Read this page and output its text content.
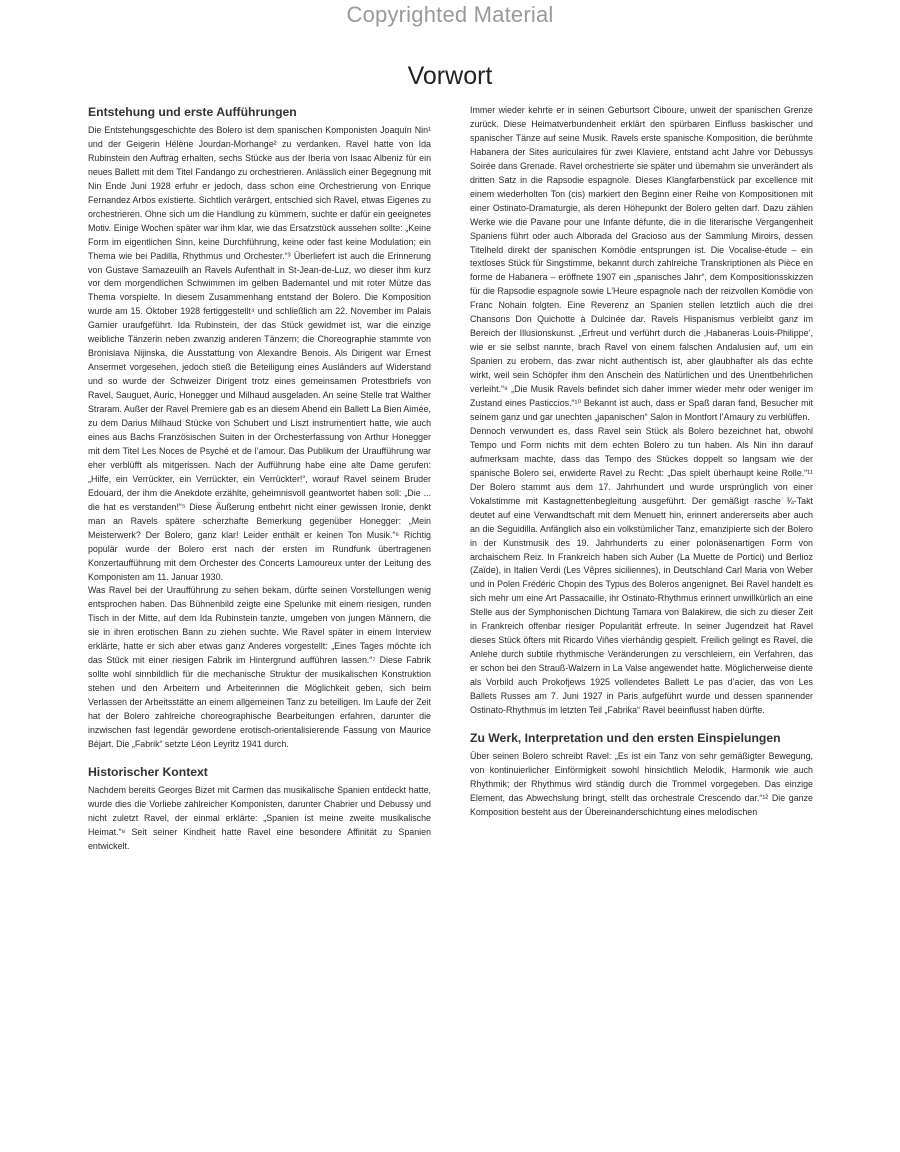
Copyrighted Material
Vorwort
Entstehung und erste Aufführungen

Die Entstehungsgeschichte des Bolero ist dem spanischen Komponisten Joaquín Nin¹ und der Geigerin Hélène Jourdan-Morhange² zu verdanken. Ravel hatte von Ida Rubinstein den Auftrag erhalten, sechs Stücke aus der Iberia von Isaac Albeniz für ein neues Ballett mit dem Titel Fandango zu orchestrieren. Anlässlich einer Begegnung mit Nin Ende Juni 1928 erfuhr er jedoch, dass schon eine Orchestrierung von Enrique Fernandez Arbos existierte. Sichtlich verärgert, entschied sich Ravel, etwas Eigenes zu orchestrieren. Ohne sich um die Handlung zu kümmern, suchte er dafür ein geeignetes Motiv. Einige Wochen später war ihm klar, wie das Ersatzstück aussehen sollte: „Keine Form im eigentlichen Sinn, keine Durchführung, keine oder fast keine Modulation; ein Thema wie bei Padilla, Rhythmus und Orchester.“³ Überliefert ist auch die Erinnerung von Gustave Samazeuilh an Ravels Aufenthalt in St-Jean-de-Luz, wo dieser ihm kurz vor dem morgendlichen Schwimmen im gelben Bademantel und mit roter Mütze das Thema vorspielte. In diesem Zusammenhang entstand der Bolero. Die Komposition wurde am 15. Oktober 1928 fertiggestellt⁴ und schließlich am 22. November im Palais Garnier uraufgeführt. Ida Rubinstein, der das Stück gewidmet ist, war die einzige weibliche Tänzerin neben zwanzig anderen Tänzern; die Choreographie stammte von Bronislava Nijinska, die Ausstattung von Alexandre Benois. Als Dirigent war Ernest Ansermet vorgesehen, jedoch stieß die Beteiligung eines Ausländers auf Widerstand und so wurde der Schweizer Dirigent trotz eines gemeinsamen Protestbriefs von Ravel, Sauguet, Auric, Honegger und Milhaud ausgeladen. An seine Stelle trat Walther Straram. Außer der Ravel Premiere gab es an diesem Abend ein Ballett La Bien Aimée, zu dem Darius Milhaud Stücke von Schubert und Liszt instrumentiert hatte, wie auch eines aus Bachs Französischen Suiten in der Orchesterfassung von Arthur Honegger mit dem Titel Les Noces de Psyché et de l’amour. Das Publikum der Uraufführung war eher verblüfft als mitgerissen. Nach der Aufführung habe eine alte Dame gerufen: „Hilfe, ein Verrückter, ein Verrückter, ein Verrückter!“, worauf Ravel seinem Bruder Edouard, der ihm die Anekdote erzählte, geheimnisvoll geantwortet haben soll: „Die ... die hat es verstanden!“⁵ Diese Äußerung entbehrt nicht einer gewissen Ironie, denkt man an Ravels spätere scherzhafte Bemerkung gegenüber Honegger: „Mein Meisterwerk? Der Bolero, ganz klar! Leider enthält er keinen Ton Musik.“⁶ Richtig populär wurde der Bolero erst nach der ersten im Rundfunk übertragenen Konzertaufführung mit dem Orchester des Concerts Lamoureux unter der Leitung des Komponisten am 11. Januar 1930.

Was Ravel bei der Uraufführung zu sehen bekam, dürfte seinen Vorstellungen wenig entsprochen haben. Das Bühnenbild zeigte eine Spelunke mit einem riesigen, runden Tisch in der Mitte, auf dem Ida Rubinstein tanzte, umgeben von jungen Männern, die sie in ihren erotischen Bann zu ziehen suchte. Wie Ravel später in einem Interview erklärte, hatte er sich aber etwas ganz Anderes vorgestellt: „Eines Tages möchte ich das Stück mit einer riesigen Fabrik im Hintergrund aufführen lassen.“⁷ Diese Fabrik sollte wohl sinnbildlich für die mechanische Struktur der musikalischen Konstruktion stehen und den Arbeitern und Arbeiterinnen die Möglichkeit geben, sich beim Verlassen der Arbeitsstätte an einem allgemeinen Tanz zu beteiligen. Im Laufe der Zeit hat der Bolero zahlreiche choreographische Bearbeitungen erfahren, darunter die inzwischen fast legendär gewordene erotisch-orientalisierende Fassung von Maurice Béjart. Die „Fabrik“ setzte Léon Leyritz 1941 durch.

Historischer Kontext

Nachdem bereits Georges Bizet mit Carmen das musikalische Spanien entdeckt hatte, wurde dies die Vorliebe zahlreicher Komponisten, darunter Chabrier und Debussy und nicht zuletzt Ravel, der einmal erklärte: „Spanien ist meine zweite musikalische Heimat.“⁸ Seit seiner Kindheit hatte Ravel eine besondere Affinität zu Spanien entwickelt.

Immer wieder kehrte er in seinen Geburtsort Ciboure, unweit der spanischen Grenze zurück. Diese Heimatverbundenheit erklärt den spürbaren Einfluss baskischer und spanischer Tänze auf seine Musik. Ravels erste spanische Komposition, die berühmte Habanera der Sites auriculaires für zwei Klaviere, entstand acht Jahre vor Debussys Soirée dans Grenade. Ravel orchestrierte sie später und übernahm sie unverändert als dritten Satz in die Rapsodie espagnole. Dieses Klangfarbenstück par excellence mit einem wiederholten Ton (cis) markiert den Beginn einer Reihe von Kompositionen mit einer Ostinato-Dramaturgie, als deren Höhepunkt der Bolero gelten darf. Dazu zählen Werke wie die Pavane pour une Infante défunte, die in die literarische Vergangenheit Spaniens führt oder auch Alborada del Gracioso aus der Sammlung Miroirs, dessen Titelheld direkt der spanischen Komödie entsprungen ist. Die Vocalise-étude – ein textloses Stück für Singstimme, bekannt durch zahlreiche Transkriptionen als Pièce en forme de Habanera – eröffnete 1907 ein „spanisches Jahr“, dem Kompositionsskizzen für die Rapsodie espagnole sowie L’Heure espagnole nach der reizvollen Komödie von Franc Nohain folgten. Eine Reverenz an Spanien stellen letztlich auch die drei Chansons Don Quichotte à Dulcinée dar. Ravels Hispanismus verbleibt ganz im Bereich der Illusionskunst. „Erfreut und verführt durch die ‚Habaneras Louis-Philippe‘, wie er sie selbst nannte, brach Ravel von einem falschen Andalusien auf, um ein Spanien zu erobern, das zwar nicht authentisch ist, aber glaubhafter als das echte wirkt, weil sein Schöpfer ihm den Anschein des Natürlichen und des Unentbehrlichen verleiht.“⁹ „Die Musik Ravels befindet sich daher immer wieder mehr oder weniger im Zustand eines Pasticcios.“¹⁰ Bekannt ist auch, dass er Spaß daran fand, Besucher mit seinem ganz und gar unechten „japanischen“ Salon in Montfort l’Amaury zu verblüffen.

Dennoch verwundert es, dass Ravel sein Stück als Bolero bezeichnet hat, obwohl Tempo und Form nichts mit dem echten Bolero zu tun haben. Als Nin ihn darauf aufmerksam machte, dass das Tempo des Stückes doppelt so langsam wie der spanische Bolero sei, erwiderte Ravel zu Recht: „Das spielt überhaupt keine Rolle.“¹¹ Der Bolero stammt aus dem 17. Jahrhundert und wurde ursprünglich von einer Vokalstimme mit Kastagnettenbegleitung ausgeführt. Der gemäßigt rasche ¾-Takt deutet auf eine Verwandtschaft mit dem Menuett hin, erinnert andererseits aber auch an die Seguidilla. Anfänglich also ein volkstümlicher Tanz, emanzipierte sich der Bolero in der Kunstmusik des 19. Jahrhunderts zu einer polonäsenartigen Form von archaischem Reiz. In Frankreich haben sich Auber (La Muette de Portici) und Berlioz (Zaïde), in Italien Verdi (Les Vêpres siciliennes), in Deutschland Carl Maria von Weber und in Polen Frédéric Chopin des Typus des Boleros angenignet. Bei Ravel handelt es sich mehr um eine Art Passacaille, ihr Ostinato-Rhythmus erinnert unwillkürlich an eine Stelle aus der Symphonischen Dichtung Tamara von Balakirew, die sich zu dieser Zeit in Frankreich offenbar riesiger Popularität erfreute. In seiner Jugendzeit hat Ravel dieses Stück öfters mit Ricardo Viñes vierhändig gespielt. Freilich gelingt es Ravel, die Anlehe durch subtile rhythmische Veränderungen zu verschleiern, ein Verfahren, das er schon bei den Strauß-Walzern in La Valse angewendet hatte. Möglicherweise diente als Vorbild auch Prokofjews 1925 vollendetes Ballett Le pas d’acier, das von Les Ballets Russes am 7. Juni 1927 in Paris aufgeführt wurde und dessen spannender Ostinato-Rhythmus im letzten Teil „Fabrika“ Ravel beeinflusst haben dürfte.

Zu Werk, Interpretation und den ersten Einspielungen

Über seinen Bolero schreibt Ravel: „Es ist ein Tanz von sehr gemäßigter Bewegung, von kontinuierlicher Einförmigkeit sowohl hinsichtlich Melodik, Harmonik wie auch Rhythmik; der Rhythmus wird ständig durch die Trommel vorgegeben. Das einzige Element, das Abwechslung bringt, stellt das orchestrale Crescendo dar.“¹² Die ganze Komposition besteht aus der Übereinanderschichtung eines melodischen
